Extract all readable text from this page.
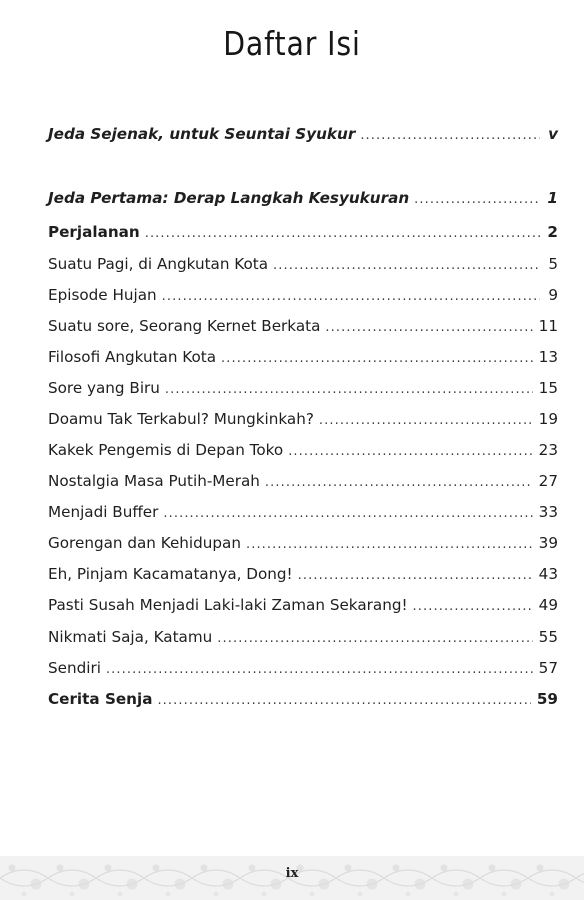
Daftar Isi
Jeda Sejenak, untuk Seuntai Syukur .....	v
Jeda Pertama: Derap Langkah Kesyukuran .....	1
Perjalanan .....	2
Suatu Pagi, di Angkutan Kota .....	5
Episode Hujan .....	9
Suatu sore, Seorang Kernet Berkata .....	11
Filosofi Angkutan Kota .....	13
Sore yang Biru .....	15
Doamu Tak Terkabul? Mungkinkah? .....	19
Kakek Pengemis di Depan Toko .....	23
Nostalgia Masa Putih-Merah .....	27
Menjadi Buffer .....	33
Gorengan dan Kehidupan .....	39
Eh, Pinjam Kacamatanya, Dong! .....	43
Pasti Susah Menjadi Laki-laki Zaman Sekarang! .....	49
Nikmati Saja, Katamu .....	55
Sendiri .....	57
Cerita Senja .....	59
ix
